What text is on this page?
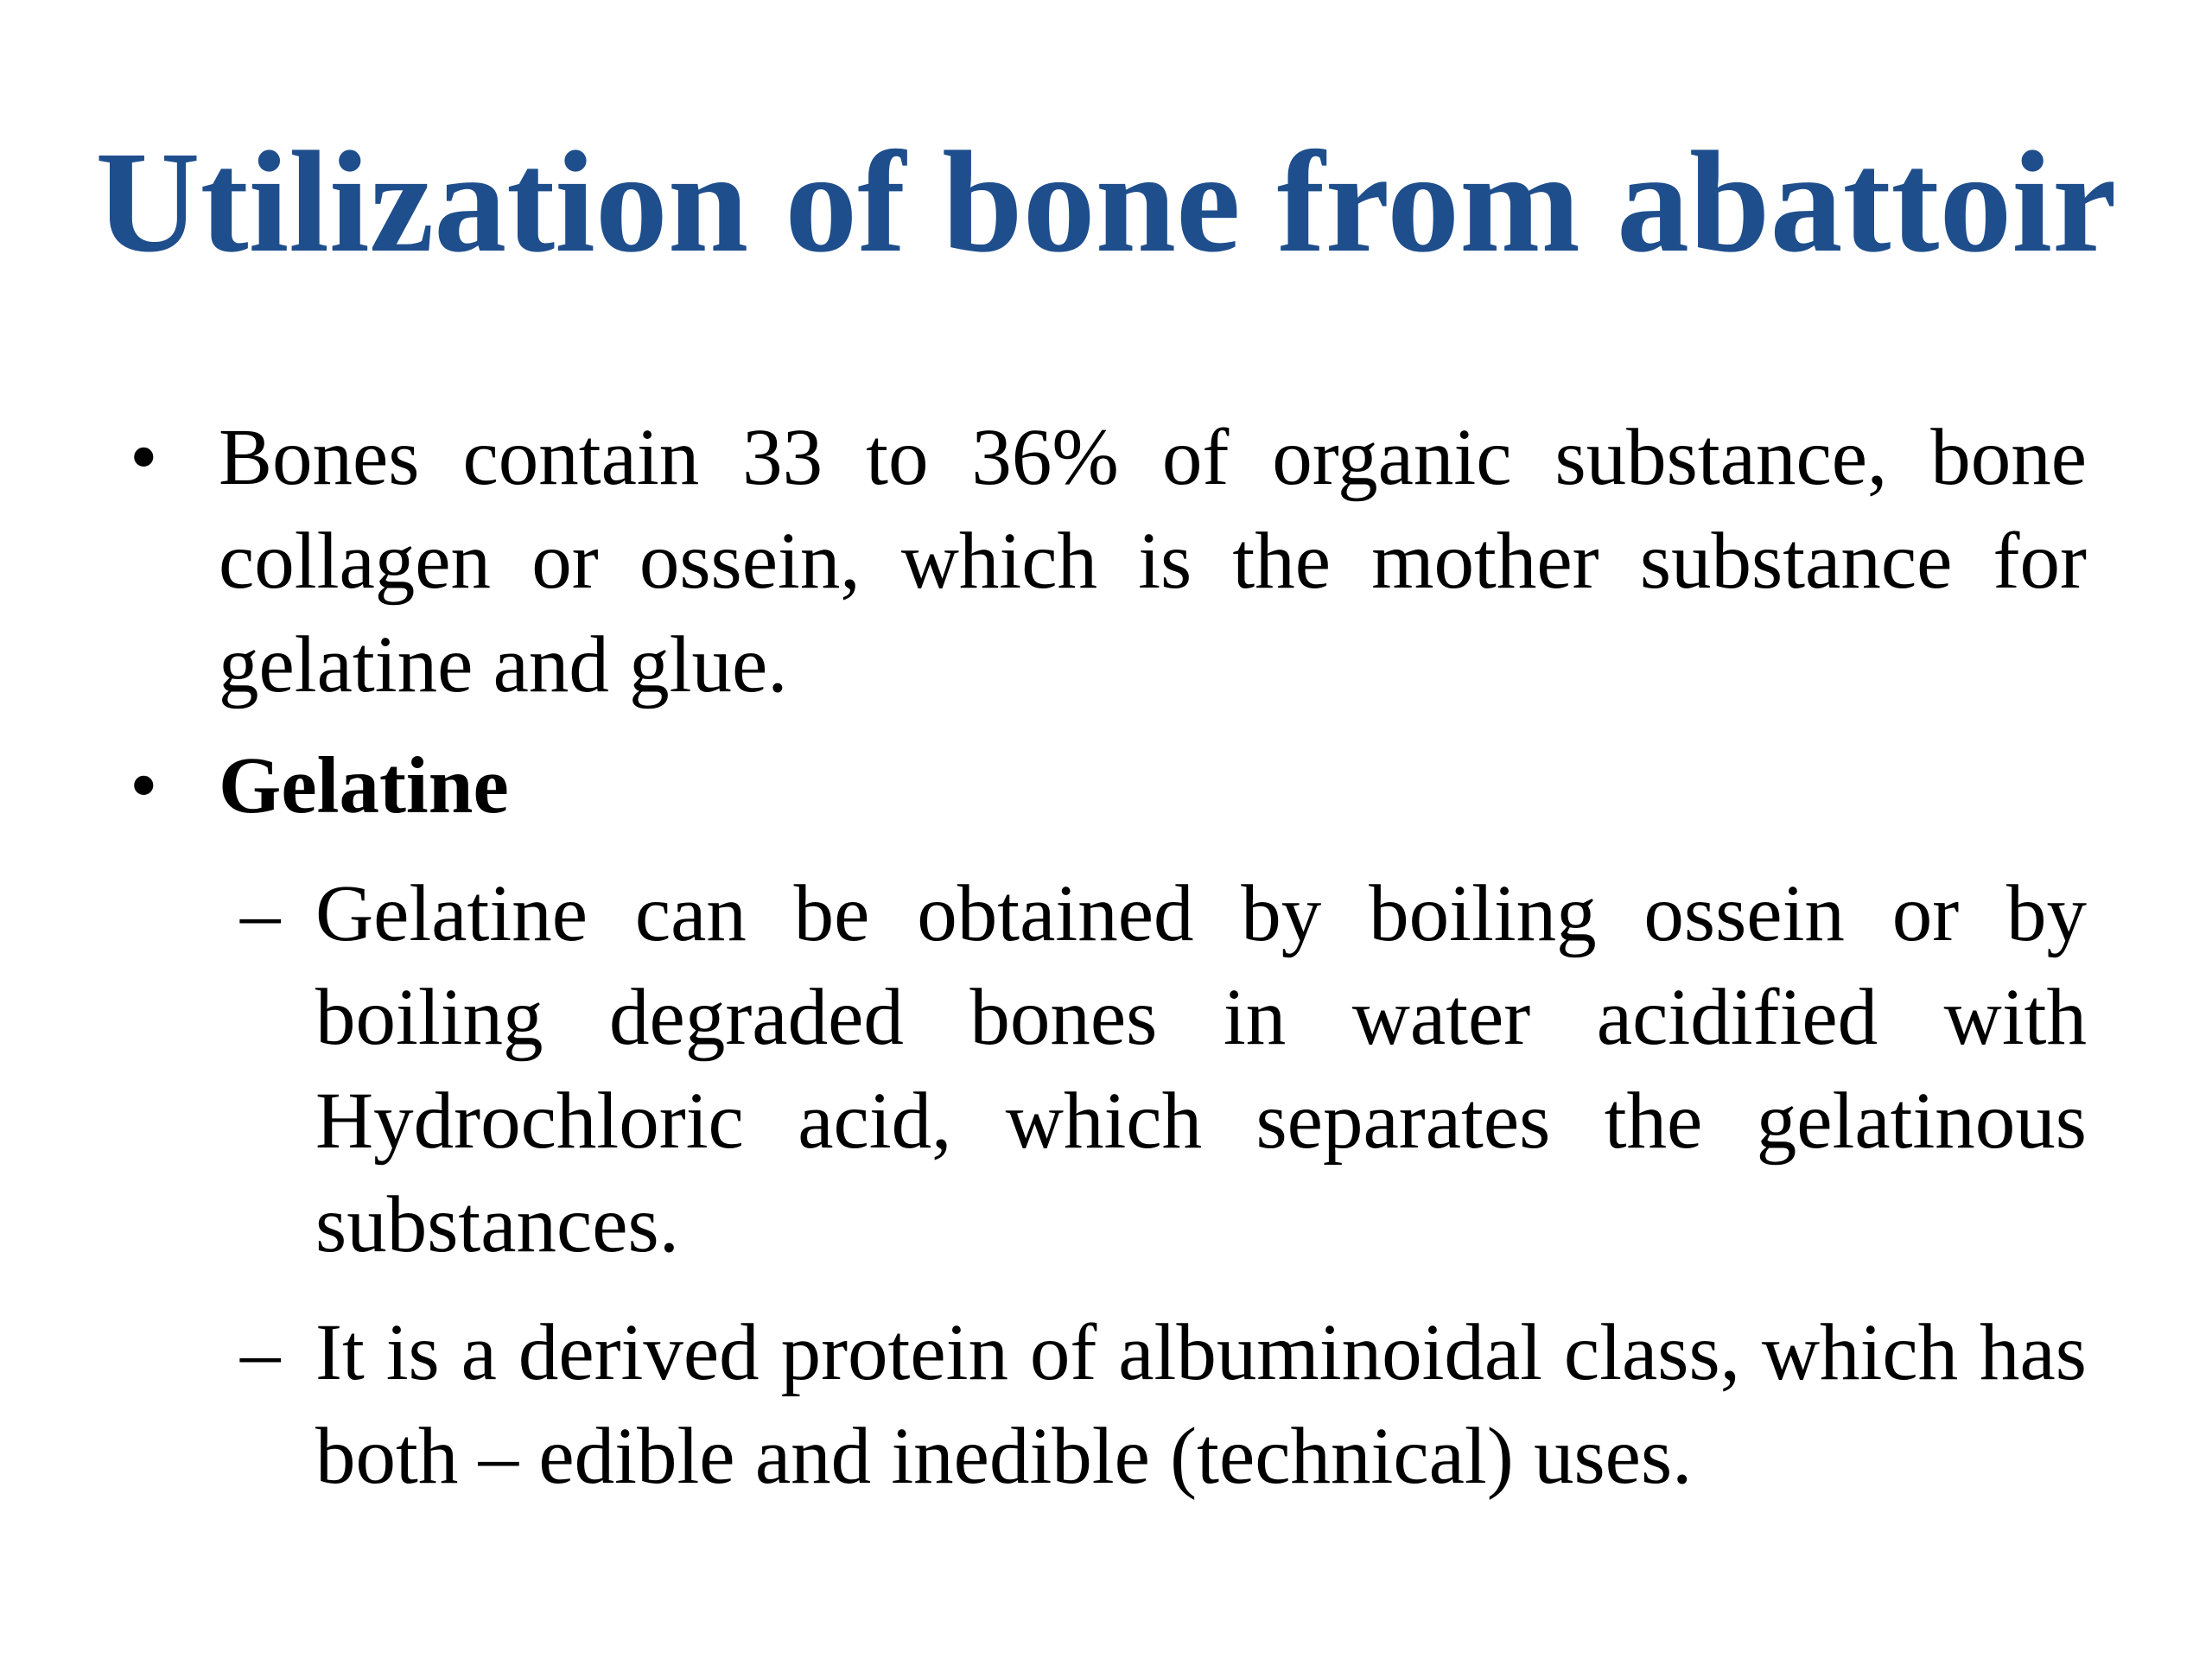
Utilization of bone from abattoir
• Bones contain 33 to 36% of organic substance, bone collagen or ossein, which is the mother substance for gelatine and glue.
• Gelatine
– Gelatine can be obtained by boiling ossein or by boiling degraded bones in water acidified with Hydrochloric acid, which separates the gelatinous substances.
– It is a derived protein of albuminoidal class, which has both – edible and inedible (technical) uses.
